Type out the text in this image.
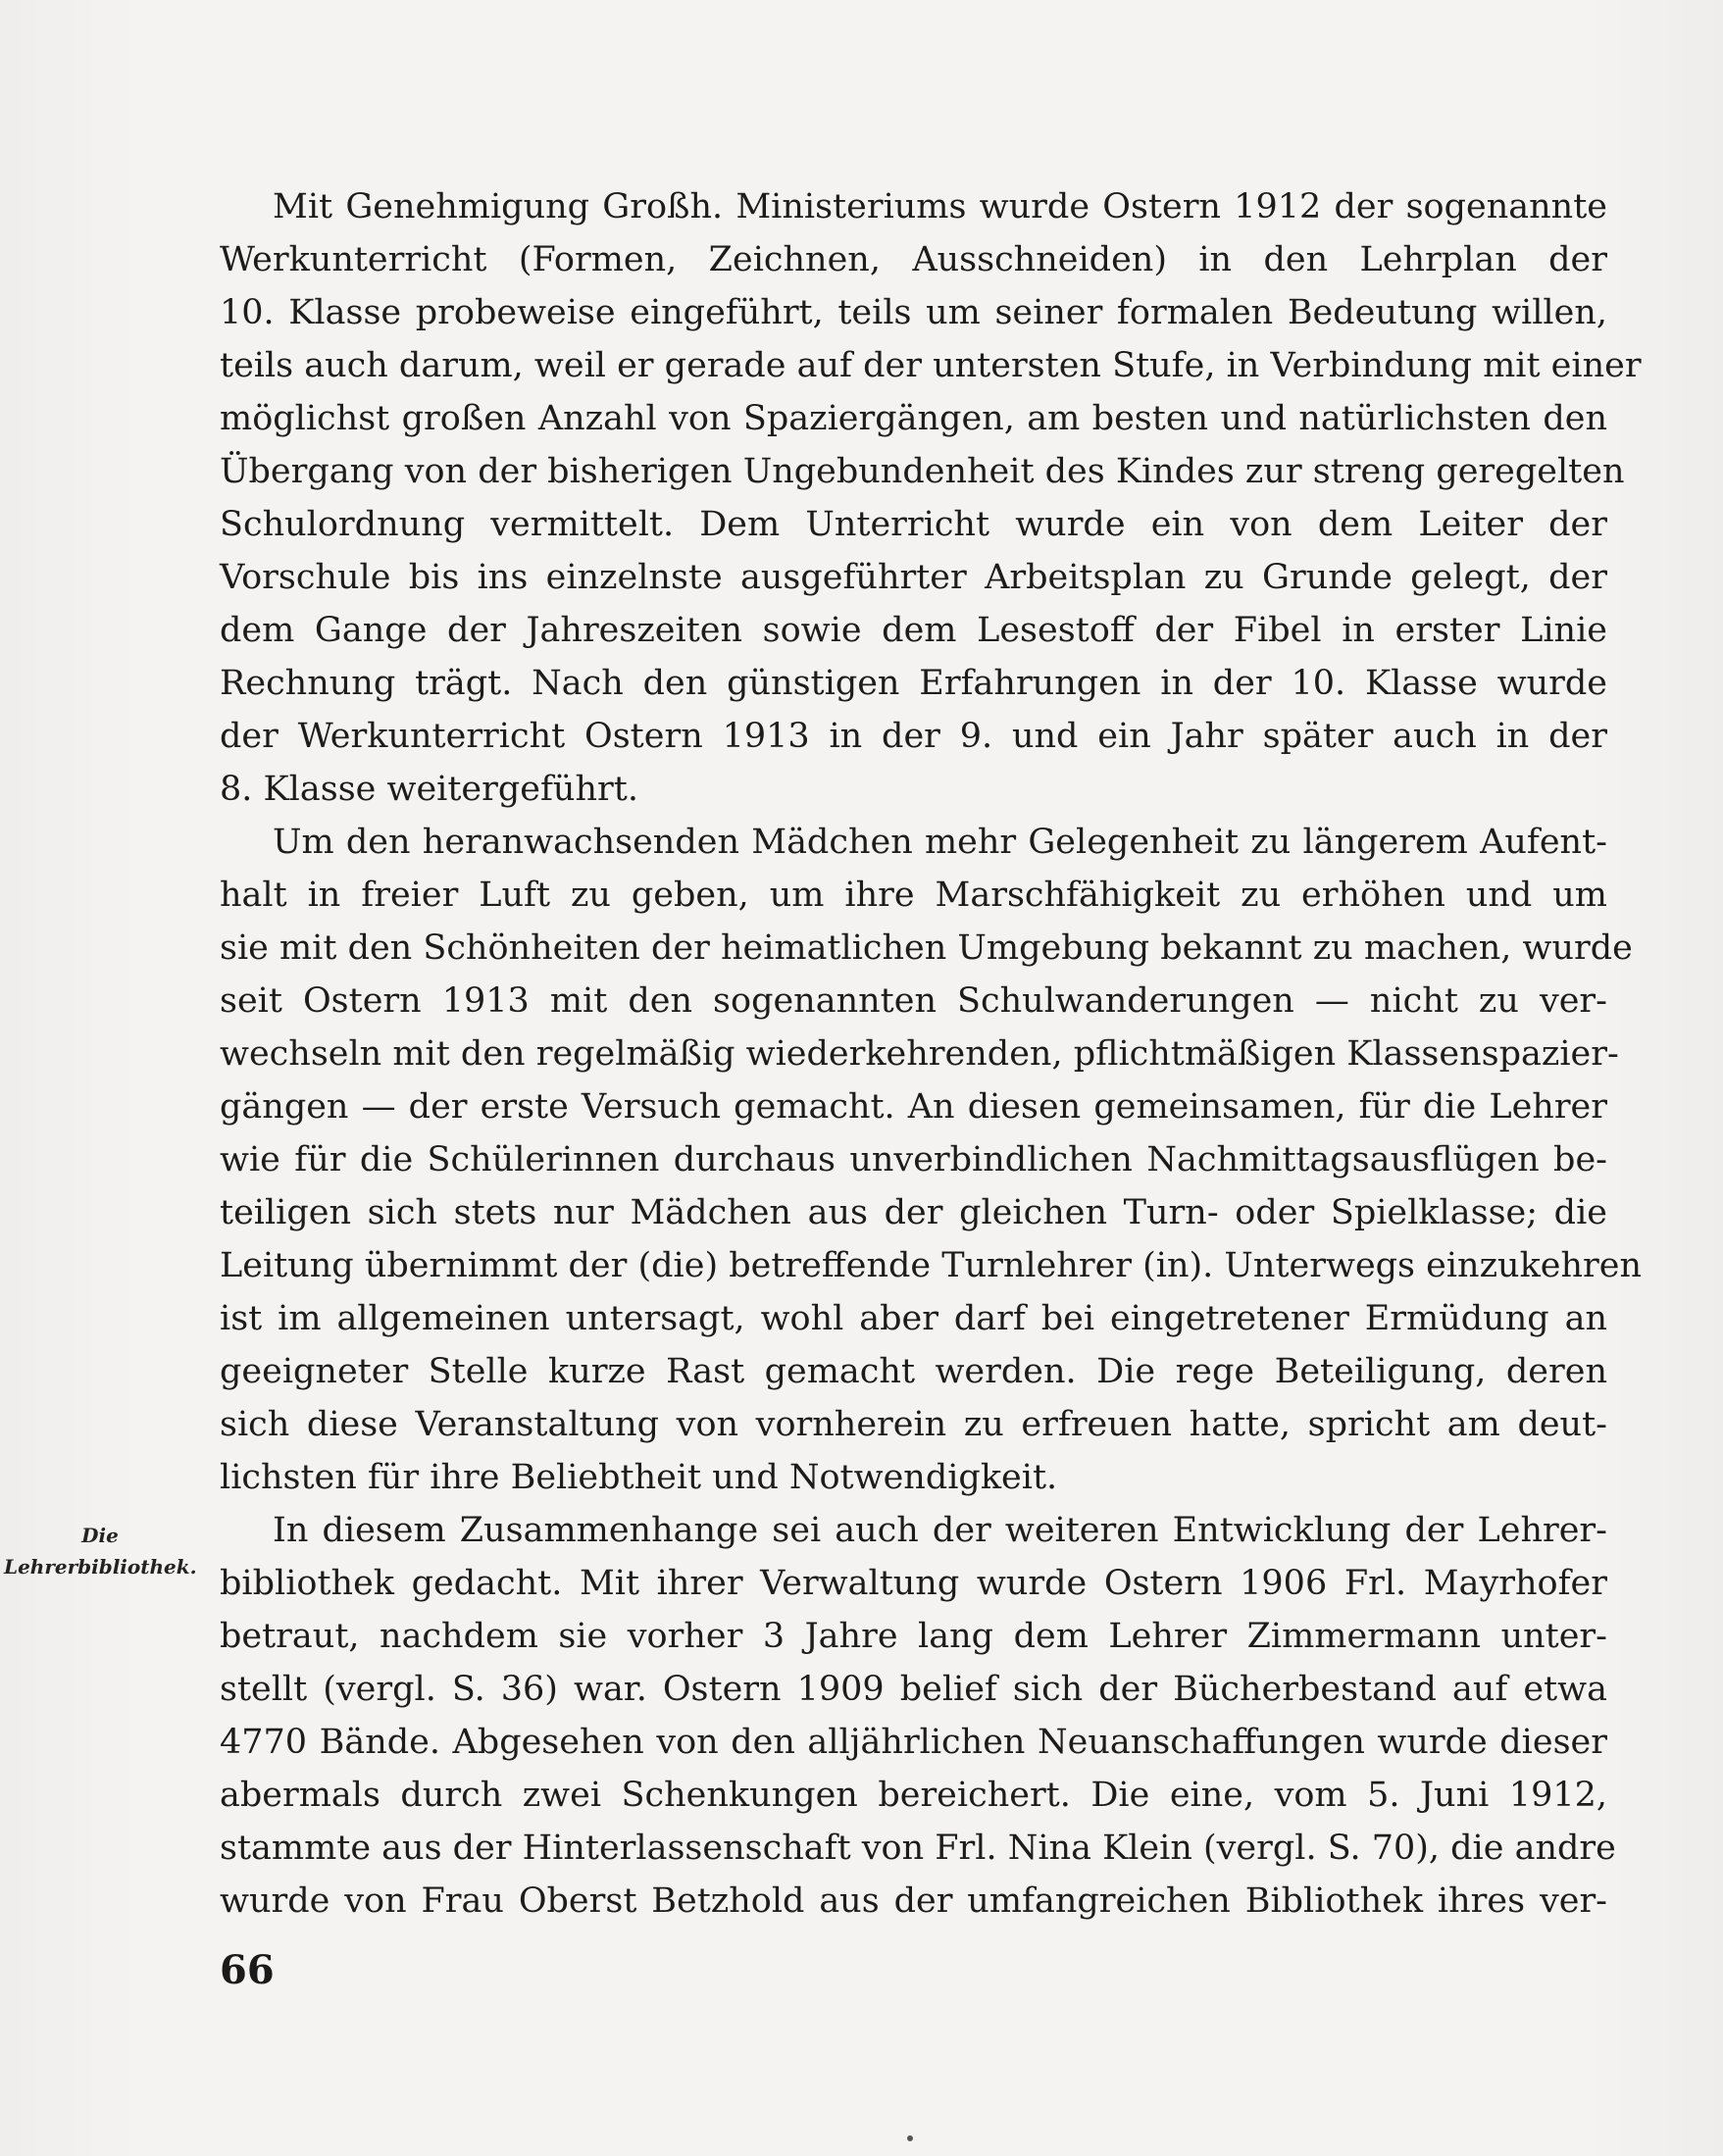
Mit Genehmigung Großh. Ministeriums wurde Ostern 1912 der sogenannte
Werkunterricht (Formen, Zeichnen, Ausschneiden) in den Lehrplan der
10. Klasse probeweise eingeführt, teils um seiner formalen Bedeutung willen,
teils auch darum, weil er gerade auf der untersten Stufe, in Verbindung mit einer
möglichst großen Anzahl von Spaziergängen, am besten und natürlichsten den
Übergang von der bisherigen Ungebundenheit des Kindes zur streng geregelten
Schulordnung vermittelt. Dem Unterricht wurde ein von dem Leiter der
Vorschule bis ins einzelnste ausgeführter Arbeitsplan zu Grunde gelegt, der
dem Gange der Jahreszeiten sowie dem Lesestoff der Fibel in erster Linie
Rechnung trägt. Nach den günstigen Erfahrungen in der 10. Klasse wurde
der Werkunterricht Ostern 1913 in der 9. und ein Jahr später auch in der
8. Klasse weitergeführt.
Um den heranwachsenden Mädchen mehr Gelegenheit zu längerem Aufent-
halt in freier Luft zu geben, um ihre Marschfähigkeit zu erhöhen und um
sie mit den Schönheiten der heimatlichen Umgebung bekannt zu machen, wurde
seit Ostern 1913 mit den sogenannten Schulwanderungen — nicht zu ver-
wechseln mit den regelmäßig wiederkehrenden, pflichtmäßigen Klassenspazier-
gängen — der erste Versuch gemacht. An diesen gemeinsamen, für die Lehrer
wie für die Schülerinnen durchaus unverbindlichen Nachmittagsausflügen be-
teiligen sich stets nur Mädchen aus der gleichen Turn- oder Spielklasse; die
Leitung übernimmt der (die) betreffende Turnlehrer (in). Unterwegs einzukehren
ist im allgemeinen untersagt, wohl aber darf bei eingetretener Ermüdung an
geeigneter Stelle kurze Rast gemacht werden. Die rege Beteiligung, deren
sich diese Veranstaltung von vornherein zu erfreuen hatte, spricht am deut-
lichsten für ihre Beliebtheit und Notwendigkeit.
In diesem Zusammenhange sei auch der weiteren Entwicklung der Lehrer-
bibliothek gedacht. Mit ihrer Verwaltung wurde Ostern 1906 Frl. Mayrhofer
betraut, nachdem sie vorher 3 Jahre lang dem Lehrer Zimmermann unter-
stellt (vergl. S. 36) war. Ostern 1909 belief sich der Bücherbestand auf etwa
4770 Bände. Abgesehen von den alljährlichen Neuanschaffungen wurde dieser
abermals durch zwei Schenkungen bereichert. Die eine, vom 5. Juni 1912,
stammte aus der Hinterlassenschaft von Frl. Nina Klein (vergl. S. 70), die andre
wurde von Frau Oberst Betzhold aus der umfangreichen Bibliothek ihres ver-
Die
Lehrerbibliothek.
66
